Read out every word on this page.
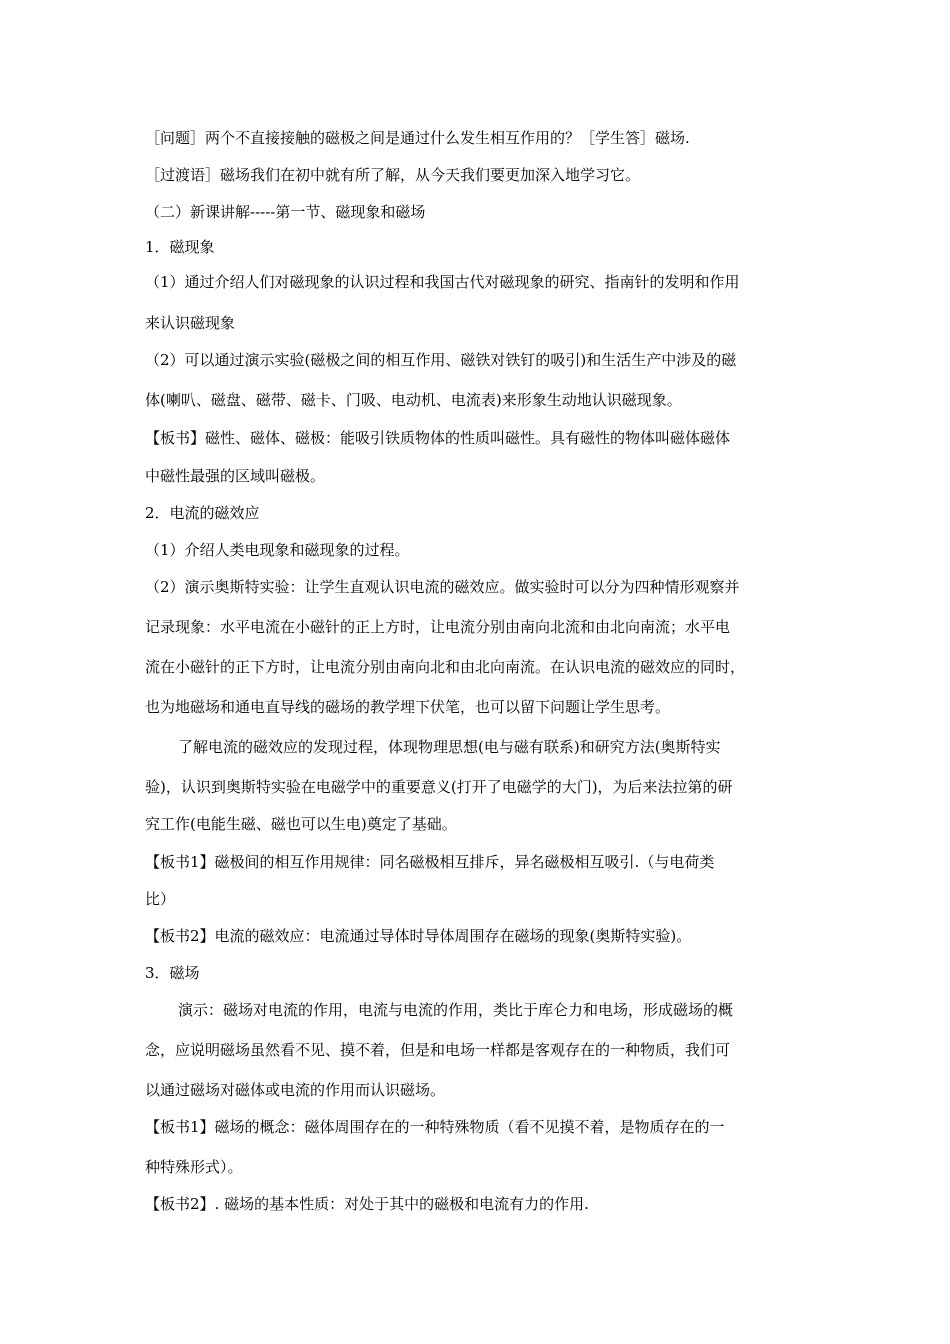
［问题］两个不直接接触的磁极之间是通过什么发生相互作用的？［学生答］磁场.
［过渡语］磁场我们在初中就有所了解，从今天我们要更加深入地学习它。
（二）新课讲解-----第一节、磁现象和磁场
1．磁现象
（1）通过介绍人们对磁现象的认识过程和我国古代对磁现象的研究、指南针的发明和作用
来认识磁现象
（2）可以通过演示实验(磁极之间的相互作用、磁铁对铁钉的吸引)和生活生产中涉及的磁
体(喇叭、磁盘、磁带、磁卡、门吸、电动机、电流表)来形象生动地认识磁现象。
【板书】磁性、磁体、磁极：能吸引铁质物体的性质叫磁性。具有磁性的物体叫磁体磁体
中磁性最强的区域叫磁极。
2．电流的磁效应
（1）介绍人类电现象和磁现象的过程。
（2）演示奥斯特实验：让学生直观认识电流的磁效应。做实验时可以分为四种情形观察并
记录现象：水平电流在小磁针的正上方时，让电流分别由南向北流和由北向南流；水平电
流在小磁针的正下方时，让电流分别由南向北和由北向南流。在认识电流的磁效应的同时，
也为地磁场和通电直导线的磁场的教学埋下伏笔，也可以留下问题让学生思考。
了解电流的磁效应的发现过程，体现物理思想(电与磁有联系)和研究方法(奥斯特实
验)，认识到奥斯特实验在电磁学中的重要意义(打开了电磁学的大门)，为后来法拉第的研
究工作(电能生磁、磁也可以生电)奠定了基础。
【板书1】磁极间的相互作用规律：同名磁极相互排斥，异名磁极相互吸引.（与电荷类
比）
【板书2】电流的磁效应：电流通过导体时导体周围存在磁场的现象(奥斯特实验)。
3．磁场
演示：磁场对电流的作用，电流与电流的作用，类比于库仑力和电场，形成磁场的概
念，应说明磁场虽然看不见、摸不着，但是和电场一样都是客观存在的一种物质，我们可
以通过磁场对磁体或电流的作用而认识磁场。
【板书1】磁场的概念：磁体周围存在的一种特殊物质（看不见摸不着，是物质存在的一
种特殊形式）。
【板书2】. 磁场的基本性质：对处于其中的磁极和电流有力的作用.
